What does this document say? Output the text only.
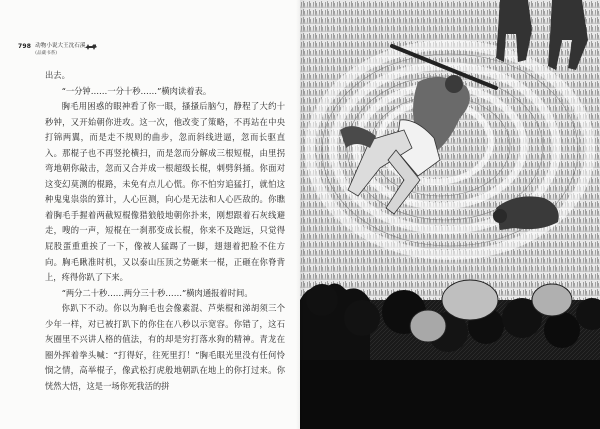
798 动物小说大王沈石溪
(品藏书系)

出去。

“一分钟……一分十秒……”横肉读着表。

胸毛用困惑的眼神看了你一眼，搔搔后脑勺，静程了大约十秒钟，又开始朝你进攻。这一次，他改变了策略，不再站在中央打锦两翼，而是走不规则的曲步，忽而斜线进逼，忽而长驱直入。那棍子也不再竖抡横扫，而是忽而分解成三根短棍，由里拐弯地朝你敲击，忽而又合并成一根超级长棍，刺劈斜捅。你面对这变幻莫测的棍路，未免有点儿心慌。你不怕穷追猛打，就怕这种鬼鬼祟祟的算计，人心叵测，向心是无法和人心匹敌的。你瞧着胸毛手握着两截短棍像猎狼般地朝你扑来，刚想跟着石灰线避走，嗖的一声，短棍在一刹那变成长棍，你来不及跑远，只觉得屁股蛋重重挨了一下，像被人猛踢了一脚，翅翅着把脸不住方向。胸毛瞅准时机，又以泰山压顶之势砸来一棍，正砸在你脊背上，疼得你趴了下来。

“两分二十秒……两分三十秒……”横肉通报着时间。

你趴下不动。你以为胸毛也会像素混、芦柴棍和涕胡须三个少年一样，对已被打趴下的你住在八秒以示宽容。你错了，这石灰圈里不兴讲人格的值法，有的却是穷打落水狗的精神。青龙在圈外挥着拳头喊：“打得好，往死里打！”胸毛眼光里没有任何怜悯之情，高举棍子，像武松打虎般地朝趴在地上的你打过来。你恍然大悟，这是一场你死我活的拼
